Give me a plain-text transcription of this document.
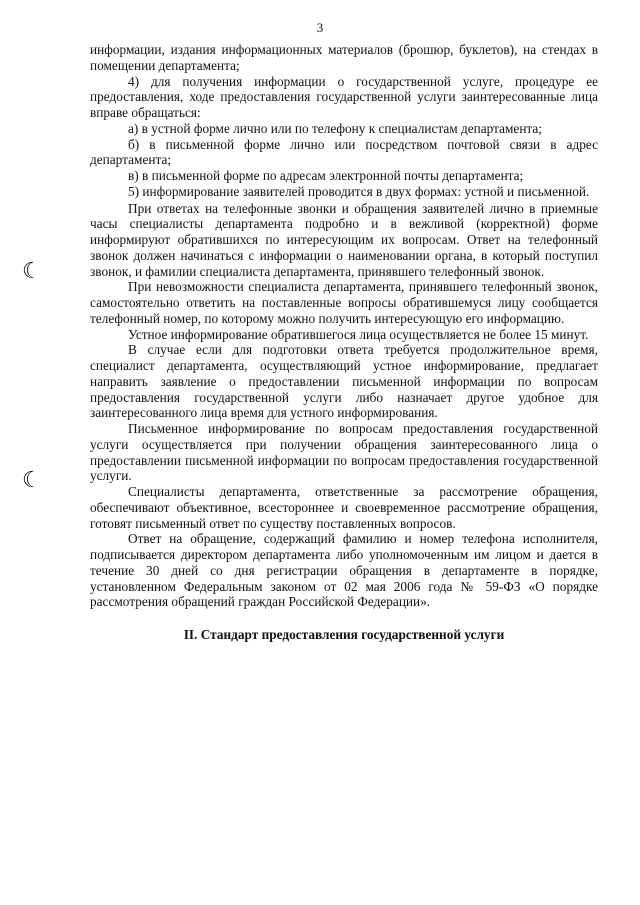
3
☾
☾

информации, издания информационных материалов (брошюр, буклетов), на стендах в помещении департамента;

4) для получения информации о государственной услуге, процедуре ее предоставления, ходе предоставления государственной услуги заинтересованные лица вправе обращаться:

а) в устной форме лично или по телефону к специалистам департамента;

б) в письменной форме лично или посредством почтовой связи в адрес департамента;

в) в письменной форме по адресам электронной почты департамента;

5) информирование заявителей проводится в двух формах: устной и письменной.

При ответах на телефонные звонки и обращения заявителей лично в приемные часы специалисты департамента подробно и в вежливой (корректной) форме информируют обратившихся по интересующим их вопросам. Ответ на телефонный звонок должен начинаться с информации о наименовании органа, в который поступил звонок, и фамилии специалиста департамента, принявшего телефонный звонок.

При невозможности специалиста департамента, принявшего телефонный звонок, самостоятельно ответить на поставленные вопросы обратившемуся лицу сообщается телефонный номер, по которому можно получить интересующую его информацию.

Устное информирование обратившегося лица осуществляется не более 15 минут.

В случае если для подготовки ответа требуется продолжительное время, специалист департамента, осуществляющий устное информирование, предлагает направить заявление о предоставлении письменной информации по вопросам предоставления государственной услуги либо назначает другое удобное для заинтересованного лица время для устного информирования.

Письменное информирование по вопросам предоставления государственной услуги осуществляется при получении обращения заинтересованного лица о предоставлении письменной информации по вопросам предоставления государственной услуги.

Специалисты департамента, ответственные за рассмотрение обращения, обеспечивают объективное, всестороннее и своевременное рассмотрение обращения, готовят письменный ответ по существу поставленных вопросов.

Ответ на обращение, содержащий фамилию и номер телефона исполнителя, подписывается директором департамента либо уполномоченным им лицом и дается в течение 30 дней со дня регистрации обращения в департаменте в порядке, установленном Федеральным законом от 02 мая 2006 года № 59-ФЗ «О порядке рассмотрения обращений граждан Российской Федерации».

II. Стандарт предоставления государственной услуги
